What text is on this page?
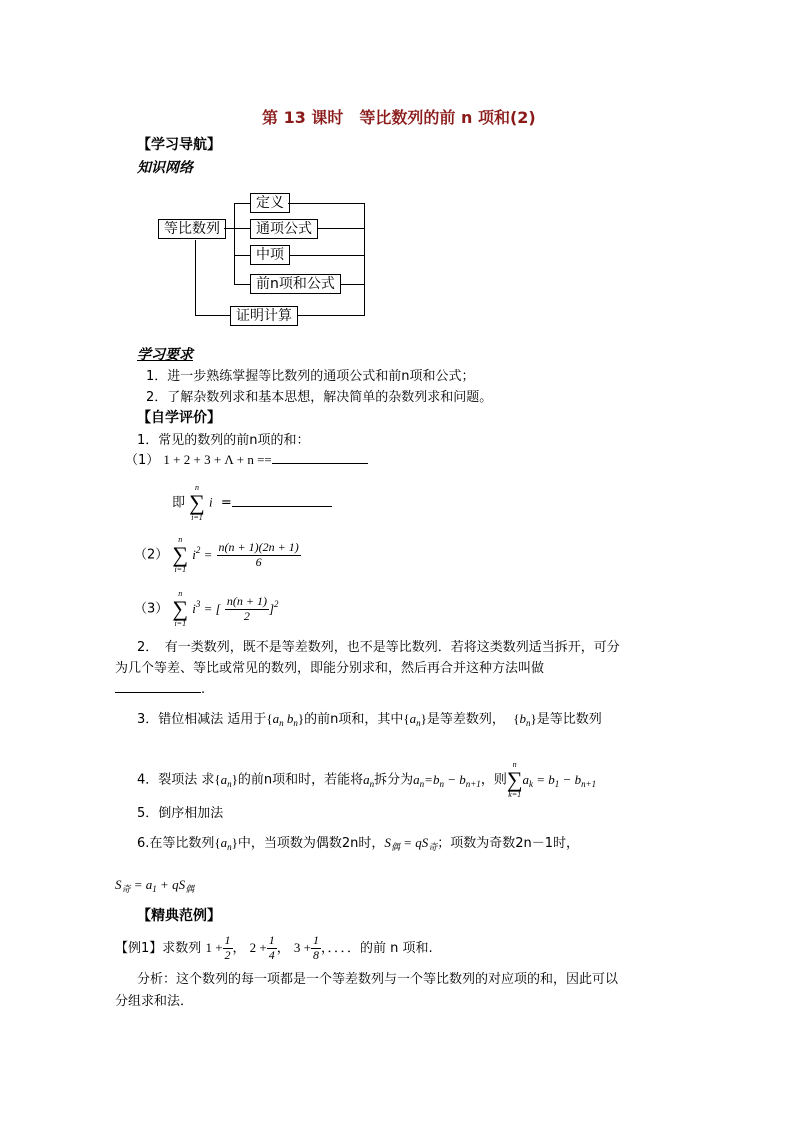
第 13 课时　等比数列的前 n 项和(2)
【学习导航】
知识网络
等比数列
定义
通项公式
中项
前n项和公式
证明计算
学习要求
1．进一步熟练掌握等比数列的通项公式和前n项和公式；
2．了解杂数列求和基本思想，解决简单的杂数列求和问题。
【自学评价】
1．常见的数列的前n项的和：
（1） 1 + 2 + 3 + Λ + n ==
即
n
∑
i=1
i  =
（2）
n
∑
i=1
$i^2 = \frac{n(n + 1)(2n + 1)}{6}$
（3）
n
∑
i=1
$i^3$ = [ $\frac{n(n + 1)}{2} ]^2$
2．　有一类数列，既不是等差数列，也不是等比数列．若将这类数列适当拆开，可分
为几个等差、等比或常见的数列，即能分别求和，然后再合并这种方法叫做
.
3．错位相减法 适用于{$a_n$ $b_n$}的前n项和，其中$\{a_n\}$是等差数列， $\{b_n\}$是等比数列
4．裂项法 求$\{a_n\}$的前n项和时，若能将$a_n$拆分为$a_n=b_n - b_{n+1}$，则
n
∑
k=1
$a_k = b_1 - b_{n+1}$
5．倒序相加法
6.在等比数列$\{a_n\}$中，当项数为偶数2n时，$S_偶 = qS_奇$；项数为奇数2n－1时，
$S_奇 = a_1 + qS_偶$
【精典范例】
【例1】求数列 $1 + \frac{1}{2}$ ， $2 + \frac{1}{4}$ ， $3 + \frac{1}{8}$ ，．．．．的前 n 项和.
分析：这个数列的每一项都是一个等差数列与一个等比数列的对应项的和，因此可以
分组求和法．
